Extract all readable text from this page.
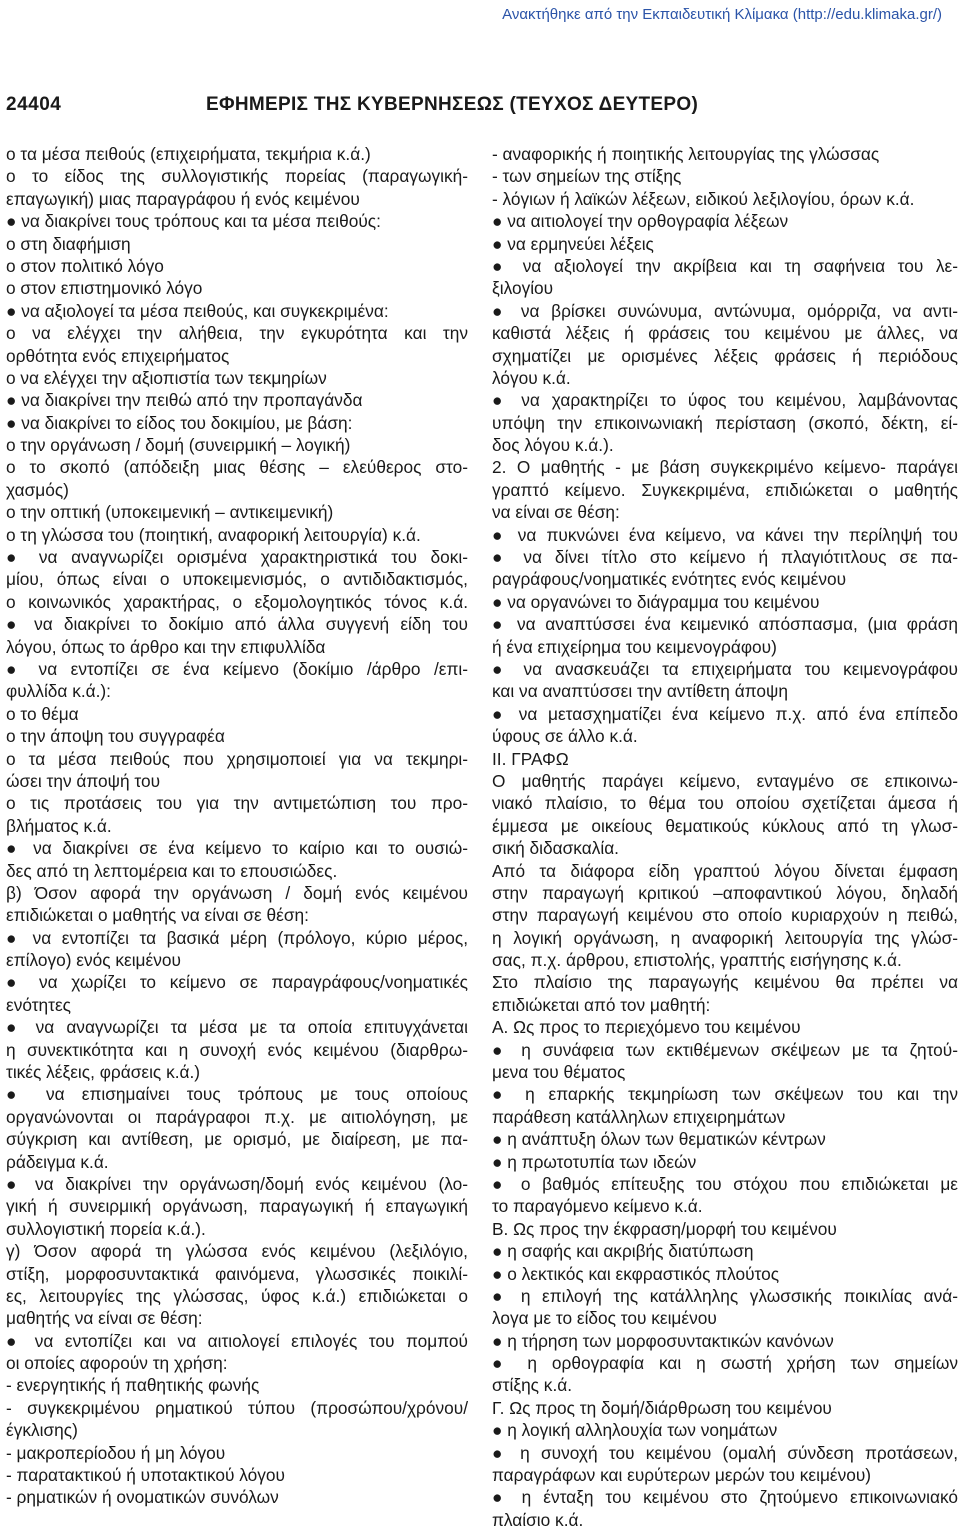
Ανακτήθηκε από την Εκπαιδευτική Κλίμακα (http://edu.klimaka.gr/)
24404	ΕΦΗΜΕΡΙΣ ΤΗΣ ΚΥΒΕΡΝΗΣΕΩΣ (ΤΕΥΧΟΣ ΔΕΥΤΕΡΟ)
ο τα μέσα πειθούς (επιχειρήματα, τεκμήρια κ.ά.)
ο το είδος της συλλογιστικής πορείας (παραγωγική‐
επαγωγική) μιας παραγράφου ή ενός κειμένου
● να διακρίνει τους τρόπους και τα μέσα πειθούς:
ο στη διαφήμιση
ο στον πολιτικό λόγο
ο στον επιστημονικό λόγο
● να αξιολογεί τα μέσα πειθούς, και συγκεκριμένα:
ο να ελέγχει την αλήθεια, την εγκυρότητα και την
ορθότητα ενός επιχειρήματος
ο να ελέγχει την αξιοπιστία των τεκμηρίων
● να διακρίνει την πειθώ από την προπαγάνδα
● να διακρίνει το είδος του δοκιμίου, με βάση:
ο την οργάνωση / δομή (συνειρμική – λογική)
ο το σκοπό (απόδειξη μιας θέσης – ελεύθερος στο‐
χασμός)
ο την οπτική (υποκειμενική – αντικειμενική)
ο τη γλώσσα του (ποιητική, αναφορική λειτουργία) κ.ά.
● να αναγνωρίζει ορισμένα χαρακτηριστικά του δοκι‐
μίου, όπως είναι ο υποκειμενισμός, ο αντιδιδακτισμός,
ο κοινωνικός χαρακτήρας, ο εξομολογητικός τόνος κ.ά.
● να διακρίνει το δοκίμιο από άλλα συγγενή είδη του
λόγου, όπως το άρθρο και την επιφυλλίδα
● να εντοπίζει σε ένα κείμενο (δοκίμιο /άρθρο /επι‐
φυλλίδα κ.ά.):
ο το θέμα
ο την άποψη του συγγραφέα
ο τα μέσα πειθούς που χρησιμοποιεί για να τεκμηρι‐
ώσει την άποψή του
ο τις προτάσεις του για την αντιμετώπιση του προ‐
βλήματος κ.ά.
● να διακρίνει σε ένα κείμενο το καίριο και το ουσιώ‐
δες από τη λεπτομέρεια και το επουσιώδες.
β) Όσον αφορά την οργάνωση / δομή ενός κειμένου
επιδιώκεται ο μαθητής να είναι σε θέση:
● να εντοπίζει τα βασικά μέρη (πρόλογο, κύριο μέρος,
επίλογο) ενός κειμένου
● να χωρίζει το κείμενο σε παραγράφους/νοηματικές
ενότητες
● να αναγνωρίζει τα μέσα με τα οποία επιτυγχάνεται
η συνεκτικότητα και η συνοχή ενός κειμένου (διαρθρω‐
τικές λέξεις, φράσεις κ.ά.)
● να επισημαίνει τους τρόπους με τους οποίους
οργανώνονται οι παράγραφοι π.χ. με αιτιολόγηση, με
σύγκριση και αντίθεση, με ορισμό, με διαίρεση, με πα‐
ράδειγμα κ.ά.
● να διακρίνει την οργάνωση/δομή ενός κειμένου (λο‐
γική ή συνειρμική οργάνωση, παραγωγική ή επαγωγική
συλλογιστική πορεία κ.ά.).
γ) Όσον αφορά τη γλώσσα ενός κειμένου (λεξιλόγιο,
στίξη, μορφοσυντακτικά φαινόμενα, γλωσσικές ποικιλί‐
ες, λειτουργίες της γλώσσας, ύφος κ.ά.) επιδιώκεται ο
μαθητής να είναι σε θέση:
● να εντοπίζει και να αιτιολογεί επιλογές του πομπού
οι οποίες αφορούν τη χρήση:
‐ ενεργητικής ή παθητικής φωνής
‐ συγκεκριμένου ρηματικού τύπου (προσώπου/χρόνου/
έγκλισης)
‐ μακροπερίοδου ή μη λόγου
‐ παρατακτικού ή υποτακτικού λόγου
‐ ρηματικών ή ονοματικών συνόλων
‐ αναφορικής ή ποιητικής λειτουργίας της γλώσσας
‐ των σημείων της στίξης
‐ λόγιων ή λαϊκών λέξεων, ειδικού λεξιλογίου, όρων κ.ά.
● να αιτιολογεί την ορθογραφία λέξεων
● να ερμηνεύει λέξεις
● να αξιολογεί την ακρίβεια και τη σαφήνεια του λε‐
ξιλογίου
● να βρίσκει συνώνυμα, αντώνυμα, ομόρριζα, να αντι‐
καθιστά λέξεις ή φράσεις του κειμένου με άλλες, να
σχηματίζει με ορισμένες λέξεις φράσεις ή περιόδους
λόγου κ.ά.
● να χαρακτηρίζει το ύφος του κειμένου, λαμβάνοντας
υπόψη την επικοινωνιακή περίσταση (σκοπό, δέκτη, εί‐
δος λόγου κ.ά.).
2. Ο μαθητής ‐ με βάση συγκεκριμένο κείμενο‐ παράγει
γραπτό κείμενο. Συγκεκριμένα, επιδιώκεται ο μαθητής
να είναι σε θέση:
● να πυκνώνει ένα κείμενο, να κάνει την περίληψή του
● να δίνει τίτλο στο κείμενο ή πλαγιότιτλους σε πα‐
ραγράφους/νοηματικές ενότητες ενός κειμένου
● να οργανώνει το διάγραμμα του κειμένου
● να αναπτύσσει ένα κειμενικό απόσπασμα, (μια φράση
ή ένα επιχείρημα του κειμενογράφου)
● να ανασκευάζει τα επιχειρήματα του κειμενογράφου
και να αναπτύσσει την αντίθετη άποψη
● να μετασχηματίζει ένα κείμενο π.χ. από ένα επίπεδο
ύφους σε άλλο κ.ά.
ΙΙ. ΓΡΑΦΩ
Ο μαθητής παράγει κείμενο, ενταγμένο σε επικοινω‐
νιακό πλαίσιο, το θέμα του οποίου σχετίζεται άμεσα ή
έμμεσα με οικείους θεματικούς κύκλους από τη γλωσ‐
σική διδασκαλία.
Από τα διάφορα είδη γραπτού λόγου δίνεται έμφαση
στην παραγωγή κριτικού –αποφαντικού λόγου, δηλαδή
στην παραγωγή κειμένου στο οποίο κυριαρχούν η πειθώ,
η λογική οργάνωση, η αναφορική λειτουργία της γλώσ‐
σας, π.χ. άρθρου, επιστολής, γραπτής εισήγησης κ.ά.
Στο πλαίσιο της παραγωγής κειμένου θα πρέπει να
επιδιώκεται από τον μαθητή:
Α. Ως προς το περιεχόμενο του κειμένου
● η συνάφεια των εκτιθέμενων σκέψεων με τα ζητού‐
μενα του θέματος
● η επαρκής τεκμηρίωση των σκέψεων του και την
παράθεση κατάλληλων επιχειρημάτων
● η ανάπτυξη όλων των θεματικών κέντρων
● η πρωτοτυπία των ιδεών
● ο βαθμός επίτευξης του στόχου που επιδιώκεται με
το παραγόμενο κείμενο κ.ά.
Β. Ως προς την έκφραση/μορφή του κειμένου
● η σαφής και ακριβής διατύπωση
● ο λεκτικός και εκφραστικός πλούτος
● η επιλογή της κατάλληλης γλωσσικής ποικιλίας ανά‐
λογα με το είδος του κειμένου
● η τήρηση των μορφοσυντακτικών κανόνων
● η ορθογραφία και η σωστή χρήση των σημείων
στίξης κ.ά.
Γ. Ως προς τη δομή/διάρθρωση του κειμένου
● η λογική αλληλουχία των νοημάτων
● η συνοχή του κειμένου (ομαλή σύνδεση προτάσεων,
παραγράφων και ευρύτερων μερών του κειμένου)
● η ένταξη του κειμένου στο ζητούμενο επικοινωνιακό
πλαίσιο κ.ά.
